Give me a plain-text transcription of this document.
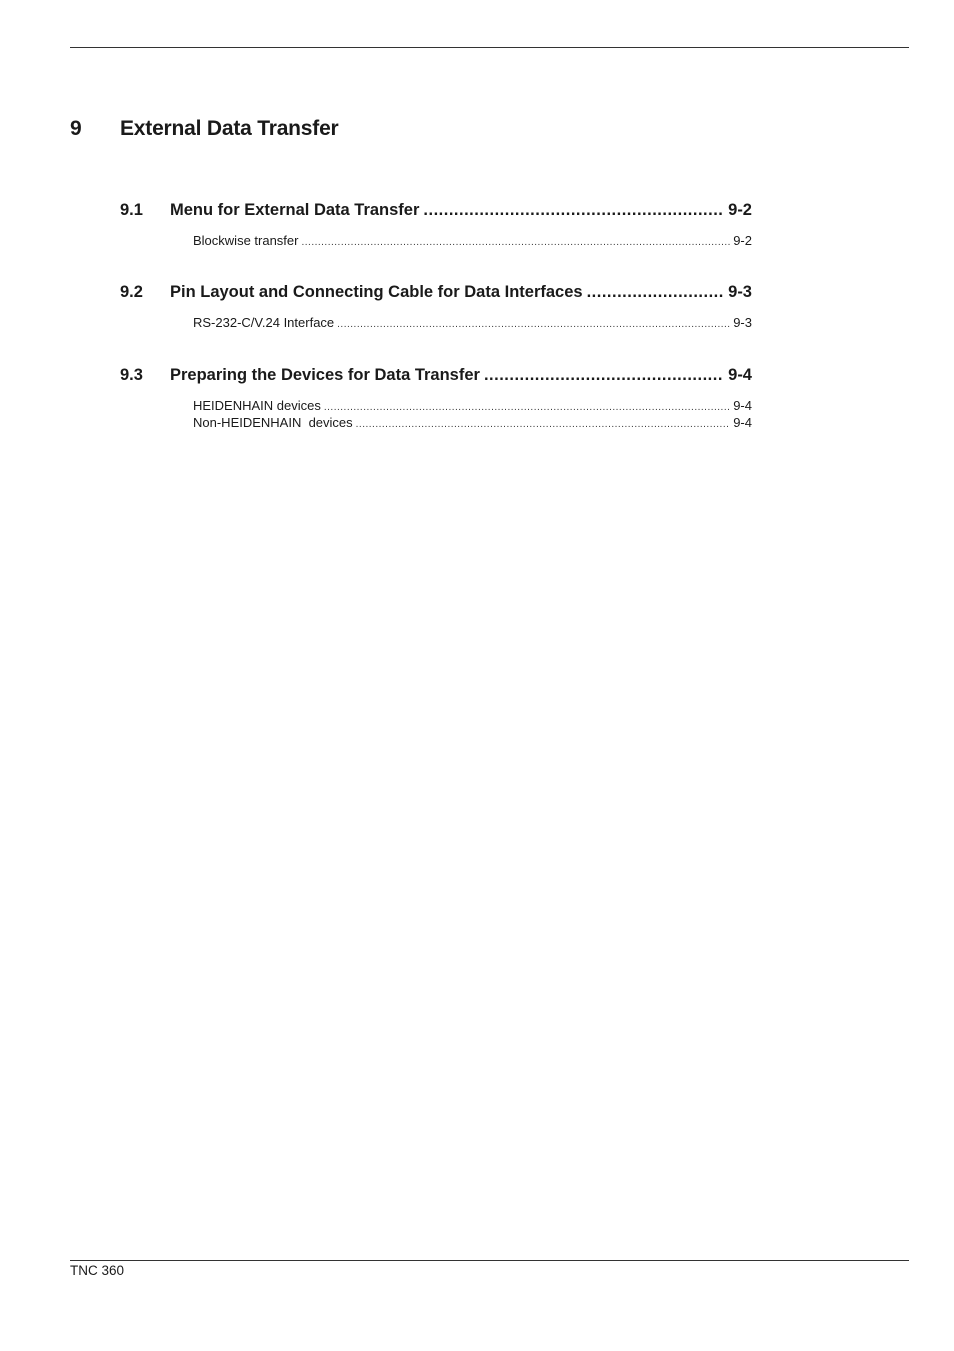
9 External Data Transfer
9.1 Menu for External Data Transfer .....	9-2
Blockwise transfer .....	9-2
9.2 Pin Layout and Connecting Cable for Data Interfaces .....	9-3
RS-232-C/V.24 Interface .....	9-3
9.3 Preparing the Devices for Data Transfer .....	9-4
HEIDENHAIN devices .....	9-4
Non-HEIDENHAIN  devices .....	9-4
TNC 360
